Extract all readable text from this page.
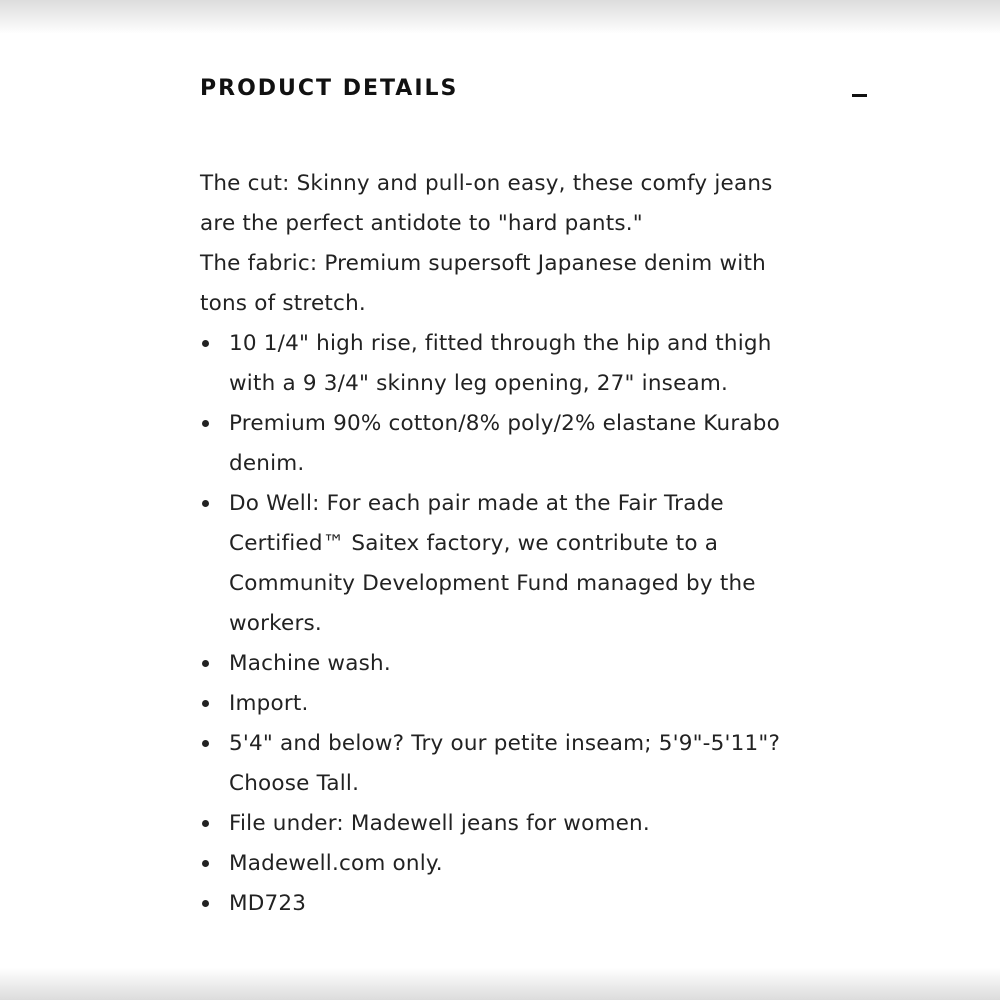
PRODUCT DETAILS

The cut: Skinny and pull-on easy, these comfy jeans are the perfect antidote to "hard pants."

The fabric: Premium supersoft Japanese denim with tons of stretch.

10 1/4" high rise, fitted through the hip and thigh with a 9 3/4" skinny leg opening, 27" inseam.
Premium 90% cotton/8% poly/2% elastane Kurabo denim.
Do Well: For each pair made at the Fair Trade Certified™ Saitex factory, we contribute to a Community Development Fund managed by the workers.
Machine wash.
Import.
5'4" and below? Try our petite inseam; 5'9"-5'11"? Choose Tall.
File under: Madewell jeans for women.
Madewell.com only.
MD723
